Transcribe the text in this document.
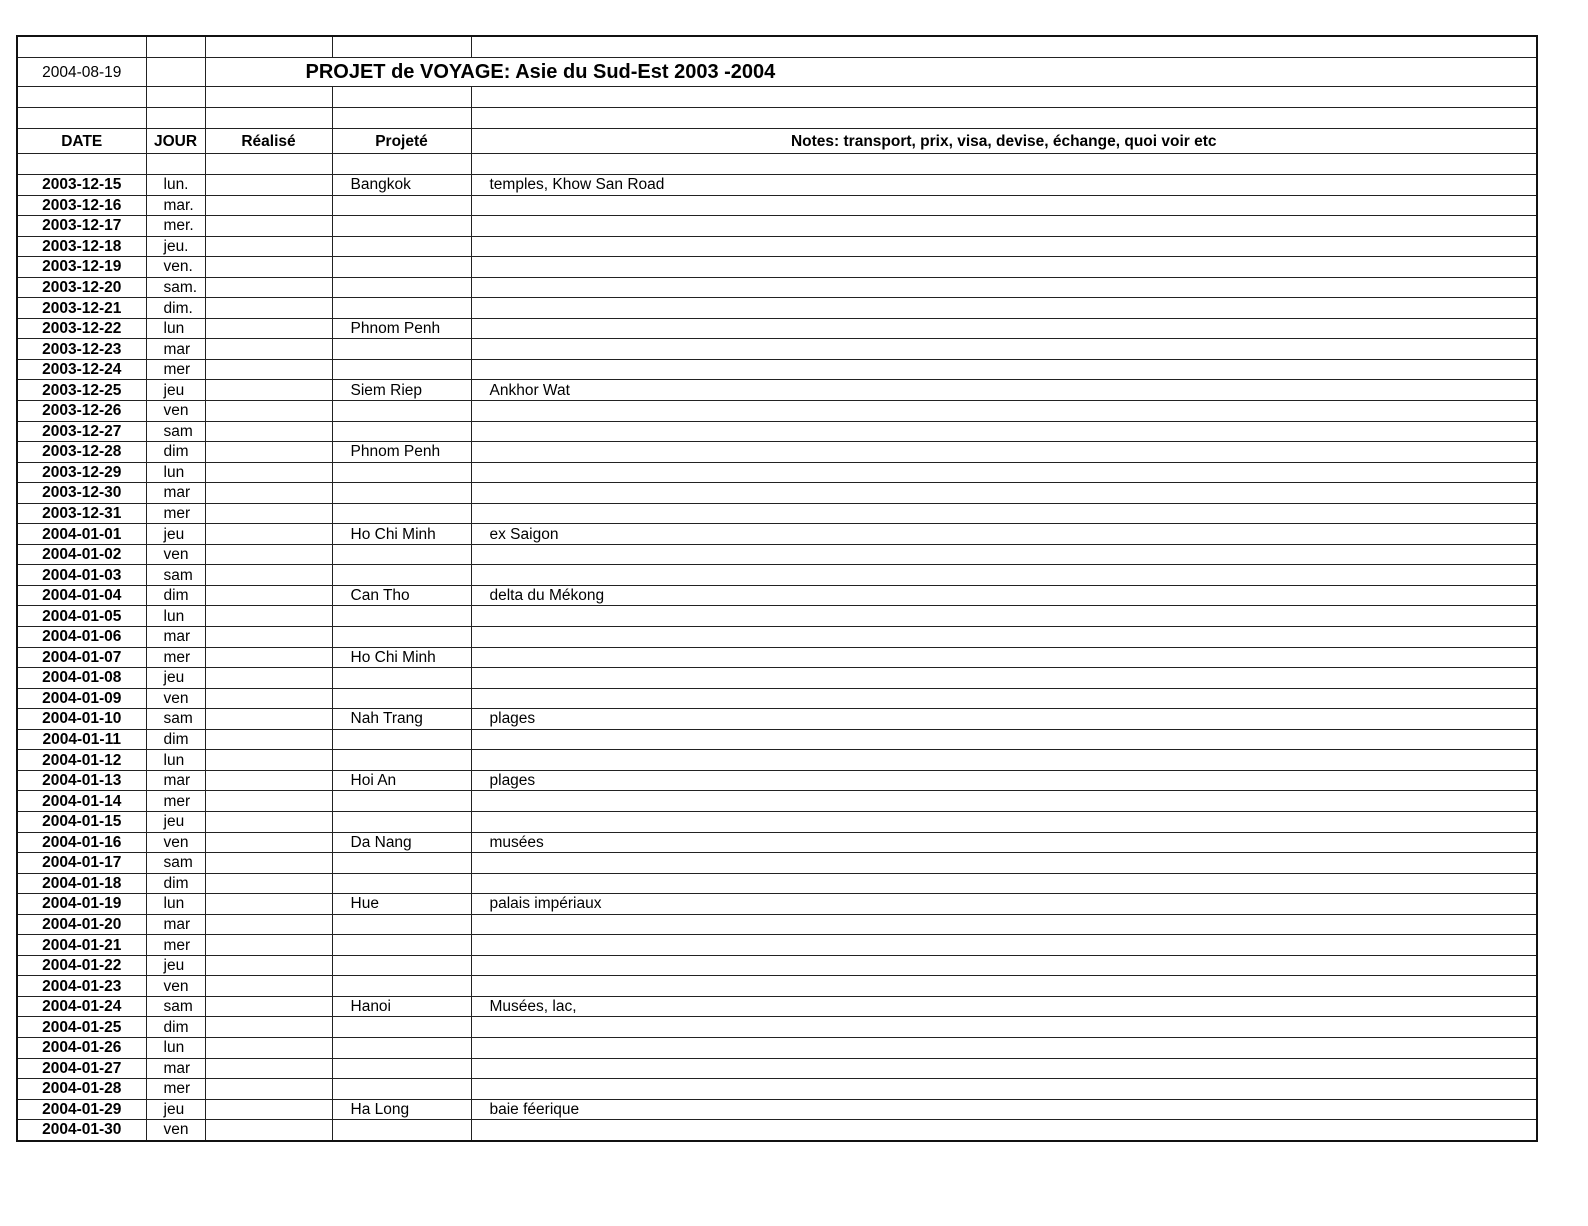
2004-08-19		PROJET de VOYAGE: Asie du Sud-Est 2003 -2004		

DATE	JOUR	Réalisé	Projeté	Notes: transport, prix, visa, devise, échange, quoi voir etc

2003-12-15	lun.		Bangkok	temples, Khow San Road
2003-12-16	mar.			
2003-12-17	mer.			
2003-12-18	jeu.			
2003-12-19	ven.			
2003-12-20	sam.			
2003-12-21	dim.			
2003-12-22	lun		Phnom Penh	
2003-12-23	mar			
2003-12-24	mer			
2003-12-25	jeu		Siem Riep	Ankhor Wat
2003-12-26	ven			
2003-12-27	sam			
2003-12-28	dim		Phnom Penh	
2003-12-29	lun			
2003-12-30	mar			
2003-12-31	mer			
2004-01-01	jeu		Ho Chi Minh	ex Saigon
2004-01-02	ven			
2004-01-03	sam			
2004-01-04	dim		Can Tho	delta du Mékong
2004-01-05	lun			
2004-01-06	mar			
2004-01-07	mer		Ho Chi Minh	
2004-01-08	jeu			
2004-01-09	ven			
2004-01-10	sam		Nah Trang	plages
2004-01-11	dim			
2004-01-12	lun			
2004-01-13	mar		Hoi An	plages
2004-01-14	mer			
2004-01-15	jeu			
2004-01-16	ven		Da Nang	musées
2004-01-17	sam			
2004-01-18	dim			
2004-01-19	lun		Hue	palais impériaux
2004-01-20	mar			
2004-01-21	mer			
2004-01-22	jeu			
2004-01-23	ven			
2004-01-24	sam		Hanoi	Musées, lac,
2004-01-25	dim			
2004-01-26	lun			
2004-01-27	mar			
2004-01-28	mer			
2004-01-29	jeu		Ha Long	baie féerique
2004-01-30	ven			
